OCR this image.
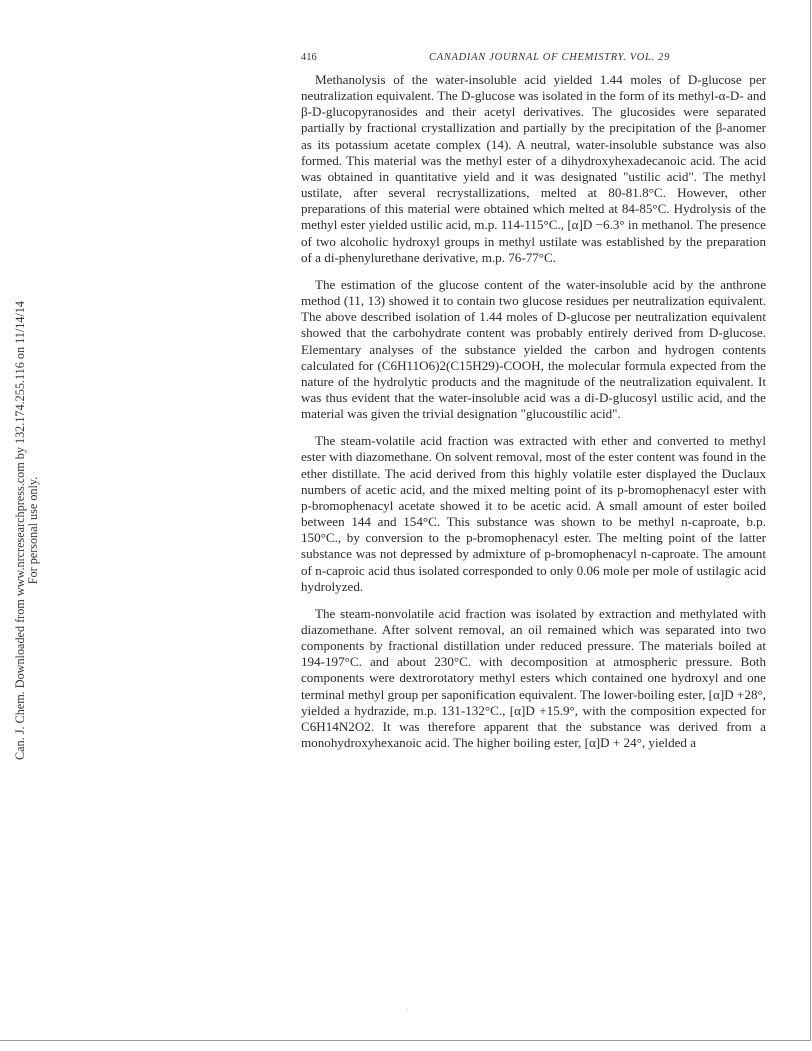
Can. J. Chem. Downloaded from www.nrcresearchpress.com by 132.174.255.116 on 11/14/14 For personal use only.
416	CANADIAN JOURNAL OF CHEMISTRY. VOL. 29

Methanolysis of the water-insoluble acid yielded 1.44 moles of D-glucose per neutralization equivalent. The D-glucose was isolated in the form of its methyl-α-D- and β-D-glucopyranosides and their acetyl derivatives. The glucosides were separated partially by fractional crystallization and partially by the precipitation of the β-anomer as its potassium acetate complex (14). A neutral, water-insoluble substance was also formed. This material was the methyl ester of a dihydroxyhexadecanoic acid. The acid was obtained in quantitative yield and it was designated "ustilic acid". The methyl ustilate, after several recrystallizations, melted at 80-81.8°C. However, other preparations of this material were obtained which melted at 84-85°C. Hydrolysis of the methyl ester yielded ustilic acid, m.p. 114-115°C., [α]D −6.3° in methanol. The presence of two alcoholic hydroxyl groups in methyl ustilate was established by the preparation of a di-phenylurethane derivative, m.p. 76-77°C.

The estimation of the glucose content of the water-insoluble acid by the anthrone method (11, 13) showed it to contain two glucose residues per neutralization equivalent. The above described isolation of 1.44 moles of D-glucose per neutralization equivalent showed that the carbohydrate content was probably entirely derived from D-glucose. Elementary analyses of the substance yielded the carbon and hydrogen contents calculated for (C6H11O6)2(C15H29)-COOH, the molecular formula expected from the nature of the hydrolytic products and the magnitude of the neutralization equivalent. It was thus evident that the water-insoluble acid was a di-D-glucosyl ustilic acid, and the material was given the trivial designation "glucoustilic acid".

The steam-volatile acid fraction was extracted with ether and converted to methyl ester with diazomethane. On solvent removal, most of the ester content was found in the ether distillate. The acid derived from this highly volatile ester displayed the Duclaux numbers of acetic acid, and the mixed melting point of its p-bromophenacyl ester with p-bromophenacyl acetate showed it to be acetic acid. A small amount of ester boiled between 144 and 154°C. This substance was shown to be methyl n-caproate, b.p. 150°C., by conversion to the p-bromophenacyl ester. The melting point of the latter substance was not depressed by admixture of p-bromophenacyl n-caproate. The amount of n-caproic acid thus isolated corresponded to only 0.06 mole per mole of ustilagic acid hydrolyzed.

The steam-nonvolatile acid fraction was isolated by extraction and methylated with diazomethane. After solvent removal, an oil remained which was separated into two components by fractional distillation under reduced pressure. The materials boiled at 194-197°C. and about 230°C. with decomposition at atmospheric pressure. Both components were dextrorotatory methyl esters which contained one hydroxyl and one terminal methyl group per saponification equivalent. The lower-boiling ester, [α]D +28°, yielded a hydrazide, m.p. 131-132°C., [α]D +15.9°, with the composition expected for C6H14N2O2. It was therefore apparent that the substance was derived from a monohydroxyhexanoic acid. The higher boiling ester, [α]D + 24°, yielded a

·
